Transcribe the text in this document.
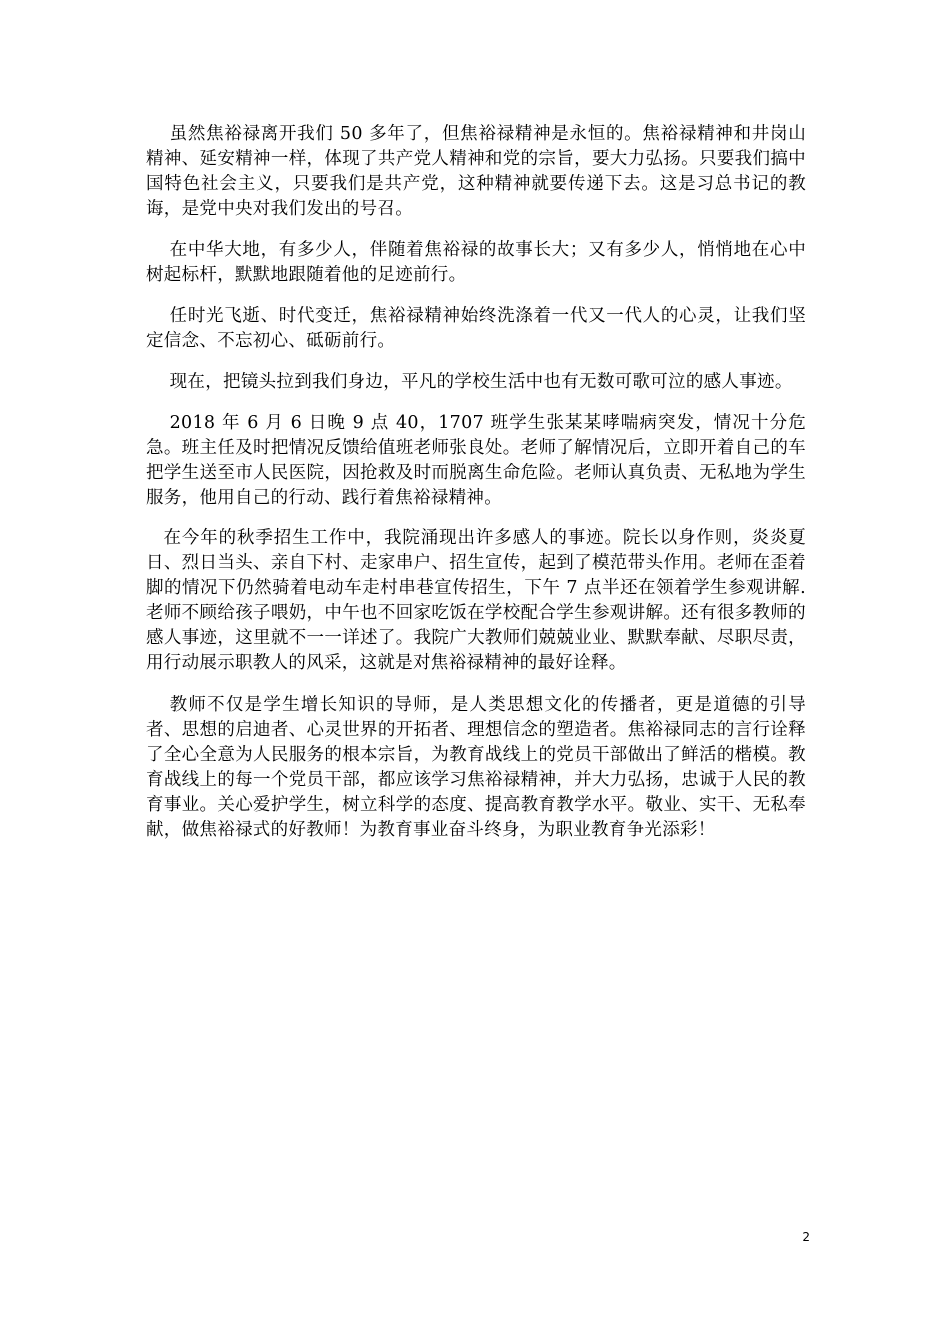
虽然焦裕禄离开我们 50 多年了，但焦裕禄精神是永恒的。焦裕禄精神和井岗山精神、延安精神一样，体现了共产党人精神和党的宗旨，要大力弘扬。只要我们搞中国特色社会主义，只要我们是共产党，这种精神就要传递下去。这是习总书记的教诲，是党中央对我们发出的号召。

在中华大地，有多少人，伴随着焦裕禄的故事长大；又有多少人，悄悄地在心中树起标杆，默默地跟随着他的足迹前行。

任时光飞逝、时代变迁，焦裕禄精神始终洗涤着一代又一代人的心灵，让我们坚定信念、不忘初心、砥砺前行。

现在，把镜头拉到我们身边，平凡的学校生活中也有无数可歌可泣的感人事迹。

2018 年 6 月 6 日晚 9 点 40，1707 班学生张某某哮喘病突发，情况十分危急。班主任及时把情况反馈给值班老师张良处。老师了解情况后，立即开着自己的车把学生送至市人民医院，因抢救及时而脱离生命危险。老师认真负责、无私地为学生服务，他用自己的行动、践行着焦裕禄精神。

在今年的秋季招生工作中，我院涌现出许多感人的事迹。院长以身作则，炎炎夏日、烈日当头、亲自下村、走家串户、招生宣传，起到了模范带头作用。老师在歪着脚的情况下仍然骑着电动车走村串巷宣传招生，下午 7 点半还在领着学生参观讲解. 老师不顾给孩子喂奶，中午也不回家吃饭在学校配合学生参观讲解。还有很多教师的感人事迹，这里就不一一详述了。我院广大教师们兢兢业业、默默奉献、尽职尽责，用行动展示职教人的风采，这就是对焦裕禄精神的最好诠释。

教师不仅是学生增长知识的导师，是人类思想文化的传播者，更是道德的引导者、思想的启迪者、心灵世界的开拓者、理想信念的塑造者。焦裕禄同志的言行诠释了全心全意为人民服务的根本宗旨，为教育战线上的党员干部做出了鲜活的楷模。教育战线上的每一个党员干部，都应该学习焦裕禄精神，并大力弘扬，忠诚于人民的教育事业。关心爱护学生，树立科学的态度、提高教育教学水平。敬业、实干、无私奉献，做焦裕禄式的好教师！为教育事业奋斗终身，为职业教育争光添彩！

2
